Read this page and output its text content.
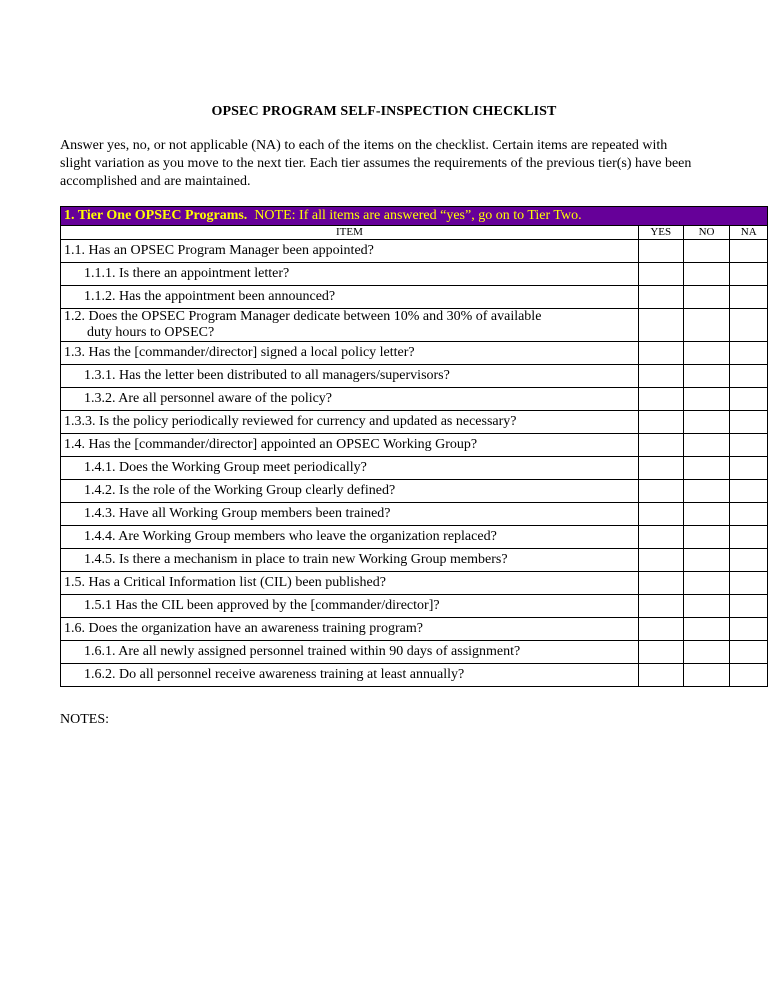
OPSEC PROGRAM SELF-INSPECTION CHECKLIST
Answer yes, no, or not applicable (NA) to each of the items on the checklist. Certain items are repeated with slight variation as you move to the next tier. Each tier assumes the requirements of the previous tier(s) have been accomplished and are maintained.
1. Tier One OPSEC Programs. NOTE: If all items are answered “yes”, go on to Tier Two.			
ITEM	YES	NO	NA

1.1. Has an OPSEC Program Manager been appointed?			

1.1.1. Is there an appointment letter?			

1.1.2. Has the appointment been announced?			

1.2. Does the OPSEC Program Manager dedicate between 10% and 30% of available
duty hours to OPSEC?			

1.3. Has the [commander/director] signed a local policy letter?			

1.3.1. Has the letter been distributed to all managers/supervisors?			

1.3.2. Are all personnel aware of the policy?			

1.3.3. Is the policy periodically reviewed for currency and updated as necessary?			

1.4. Has the [commander/director] appointed an OPSEC Working Group?			

1.4.1. Does the Working Group meet periodically?			

1.4.2. Is the role of the Working Group clearly defined?			

1.4.3. Have all Working Group members been trained?			

1.4.4. Are Working Group members who leave the organization replaced?			

1.4.5. Is there a mechanism in place to train new Working Group members?			

1.5. Has a Critical Information list (CIL) been published?			

1.5.1 Has the CIL been approved by the [commander/director]?			

1.6. Does the organization have an awareness training program?			

1.6.1. Are all newly assigned personnel trained within 90 days of assignment?			

1.6.2. Do all personnel receive awareness training at least annually?			

NOTES:
